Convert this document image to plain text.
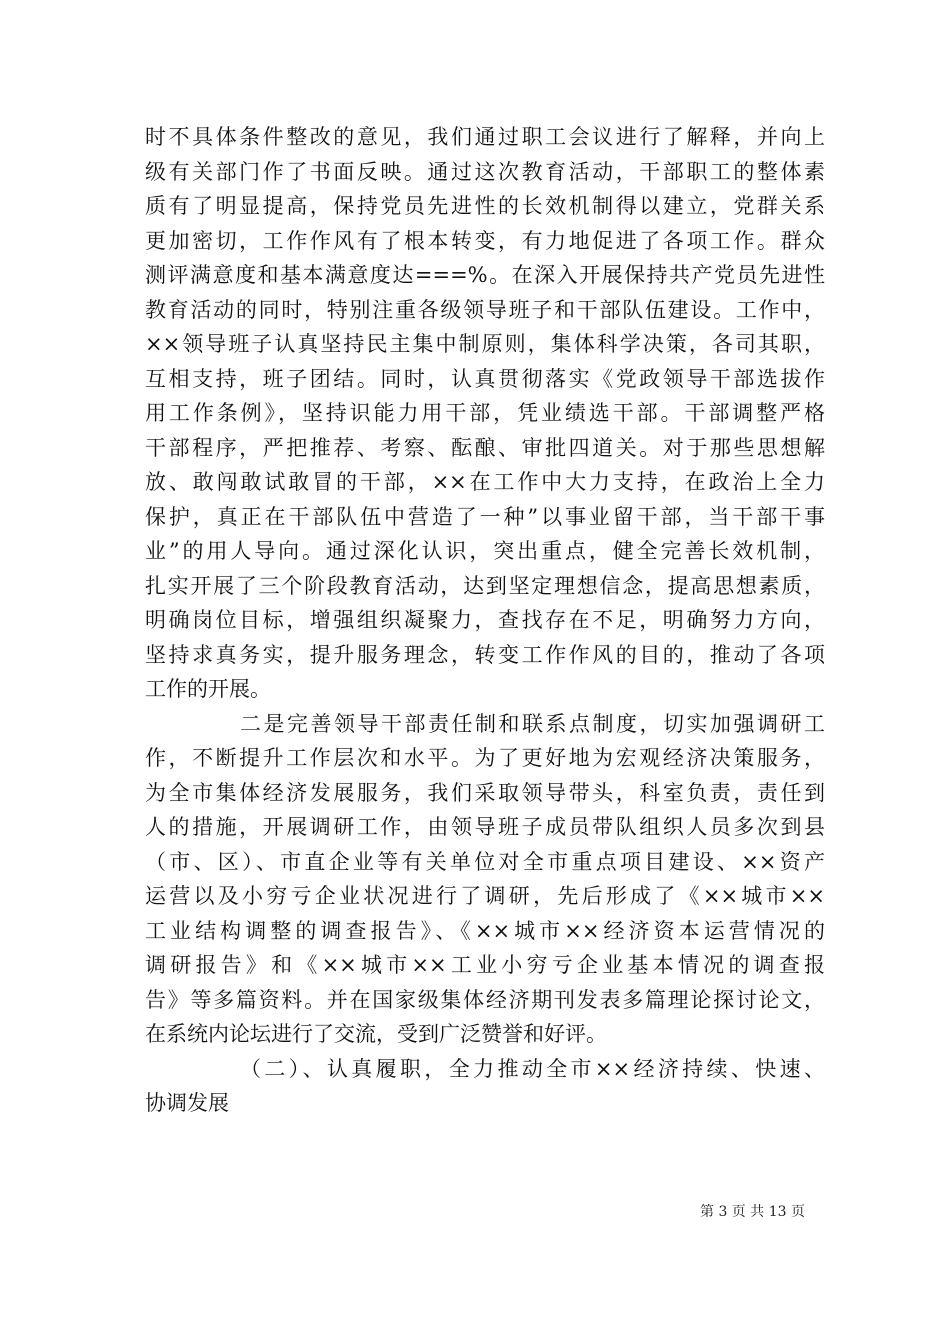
时不具体条件整改的意见，我们通过职工会议进行了解释，并向上
级有关部门作了书面反映。通过这次教育活动，干部职工的整体素
质有了明显提高，保持党员先进性的长效机制得以建立，党群关系
更加密切，工作作风有了根本转变，有力地促进了各项工作。群众
测评满意度和基本满意度达===%。在深入开展保持共产党员先进性
教育活动的同时，特别注重各级领导班子和干部队伍建设。工作中，
××领导班子认真坚持民主集中制原则，集体科学决策，各司其职，
互相支持，班子团结。同时，认真贯彻落实《党政领导干部选拔作
用工作条例》，坚持识能力用干部，凭业绩选干部。干部调整严格
干部程序，严把推荐、考察、酝酿、审批四道关。对于那些思想解
放、敢闯敢试敢冒的干部，××在工作中大力支持，在政治上全力
保护，真正在干部队伍中营造了一种”以事业留干部，当干部干事
业”的用人导向。通过深化认识，突出重点，健全完善长效机制，
扎实开展了三个阶段教育活动，达到坚定理想信念，提高思想素质，
明确岗位目标，增强组织凝聚力，查找存在不足，明确努力方向，
坚持求真务实，提升服务理念，转变工作作风的目的，推动了各项
工作的开展。
二是完善领导干部责任制和联系点制度，切实加强调研工
作，不断提升工作层次和水平。为了更好地为宏观经济决策服务，
为全市集体经济发展服务，我们采取领导带头，科室负责，责任到
人的措施，开展调研工作，由领导班子成员带队组织人员多次到县
（市、区）、市直企业等有关单位对全市重点项目建设、××资产
运营以及小穷亏企业状况进行了调研，先后形成了《××城市××
工业结构调整的调查报告》、《××城市××经济资本运营情况的
调研报告》和《××城市××工业小穷亏企业基本情况的调查报
告》等多篇资料。并在国家级集体经济期刊发表多篇理论探讨论文，
在系统内论坛进行了交流，受到广泛赞誉和好评。
（二）、认真履职，全力推动全市××经济持续、快速、
协调发展
第 3 页 共 13 页
